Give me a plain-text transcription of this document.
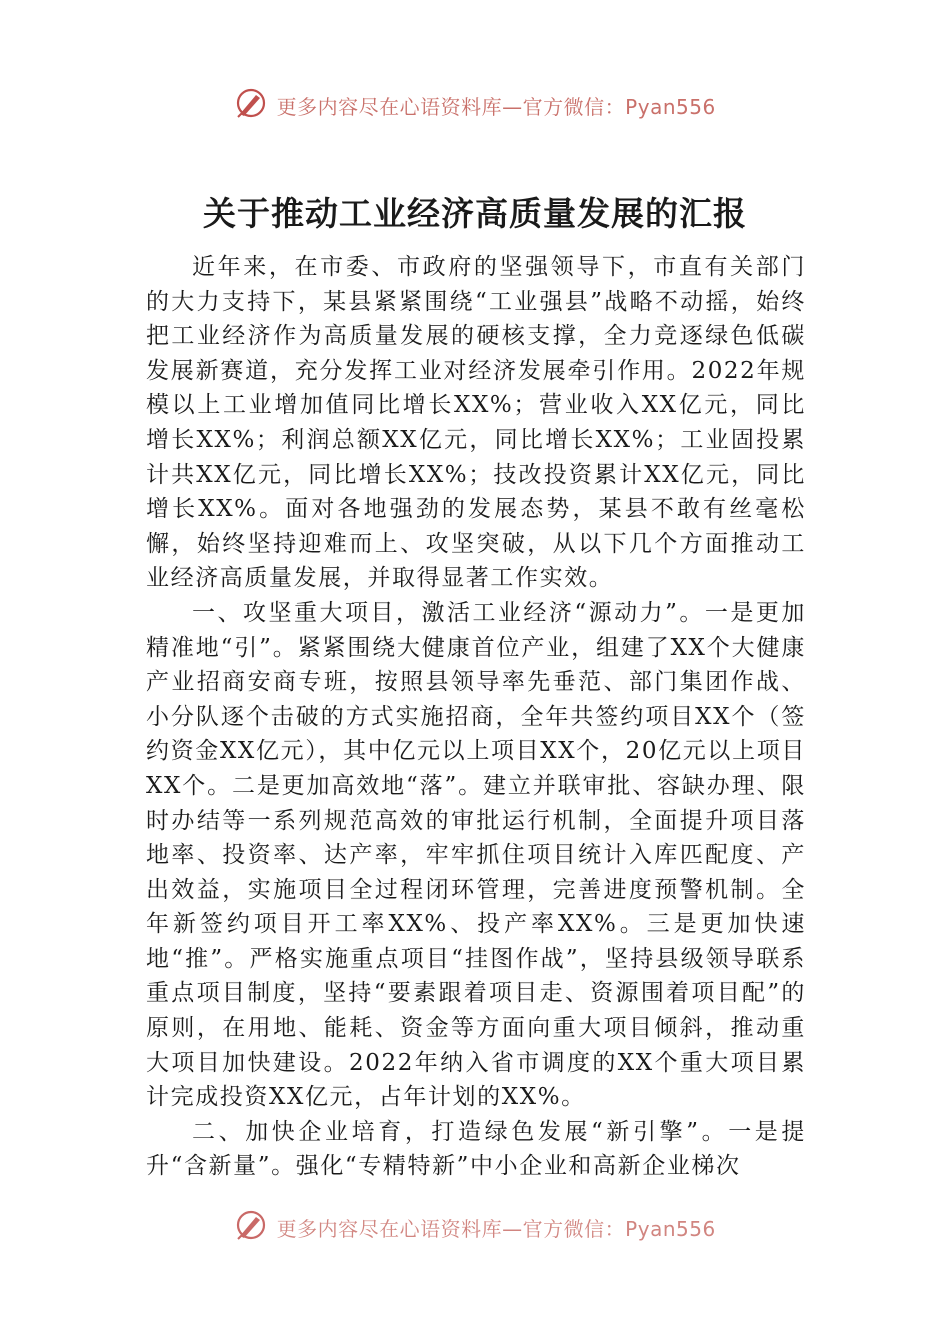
更多内容尽在心语资料库—官方微信：Pyan556
关于推动工业经济高质量发展的汇报

近年来，在市委、市政府的坚强领导下，市直有关部门的大力支持下，某县紧紧围绕“工业强县”战略不动摇，始终把工业经济作为高质量发展的硬核支撑，全力竞逐绿色低碳发展新赛道，充分发挥工业对经济发展牵引作用。2022年规模以上工业增加值同比增长XX%；营业收入XX亿元，同比增长XX%；利润总额XX亿元，同比增长XX%；工业固投累计共XX亿元，同比增长XX%；技改投资累计XX亿元，同比增长XX%。面对各地强劲的发展态势，某县不敢有丝毫松懈，始终坚持迎难而上、攻坚突破，从以下几个方面推动工业经济高质量发展，并取得显著工作实效。

一、攻坚重大项目，激活工业经济“源动力”。一是更加精准地“引”。紧紧围绕大健康首位产业，组建了XX个大健康产业招商安商专班，按照县领导率先垂范、部门集团作战、小分队逐个击破的方式实施招商，全年共签约项目XX个（签约资金XX亿元），其中亿元以上项目XX个，20亿元以上项目XX个。二是更加高效地“落”。建立并联审批、容缺办理、限时办结等一系列规范高效的审批运行机制，全面提升项目落地率、投资率、达产率，牢牢抓住项目统计入库匹配度、产出效益，实施项目全过程闭环管理，完善进度预警机制。全年新签约项目开工率XX%、投产率XX%。三是更加快速地“推”。严格实施重点项目“挂图作战”，坚持县级领导联系重点项目制度，坚持“要素跟着项目走、资源围着项目配”的原则，在用地、能耗、资金等方面向重大项目倾斜，推动重大项目加快建设。2022年纳入省市调度的XX个重大项目累计完成投资XX亿元，占年计划的XX%。

二、加快企业培育，打造绿色发展“新引擎”。一是提升“含新量”。强化“专精特新”中小企业和高新企业梯次

更多内容尽在心语资料库—官方微信：Pyan556
